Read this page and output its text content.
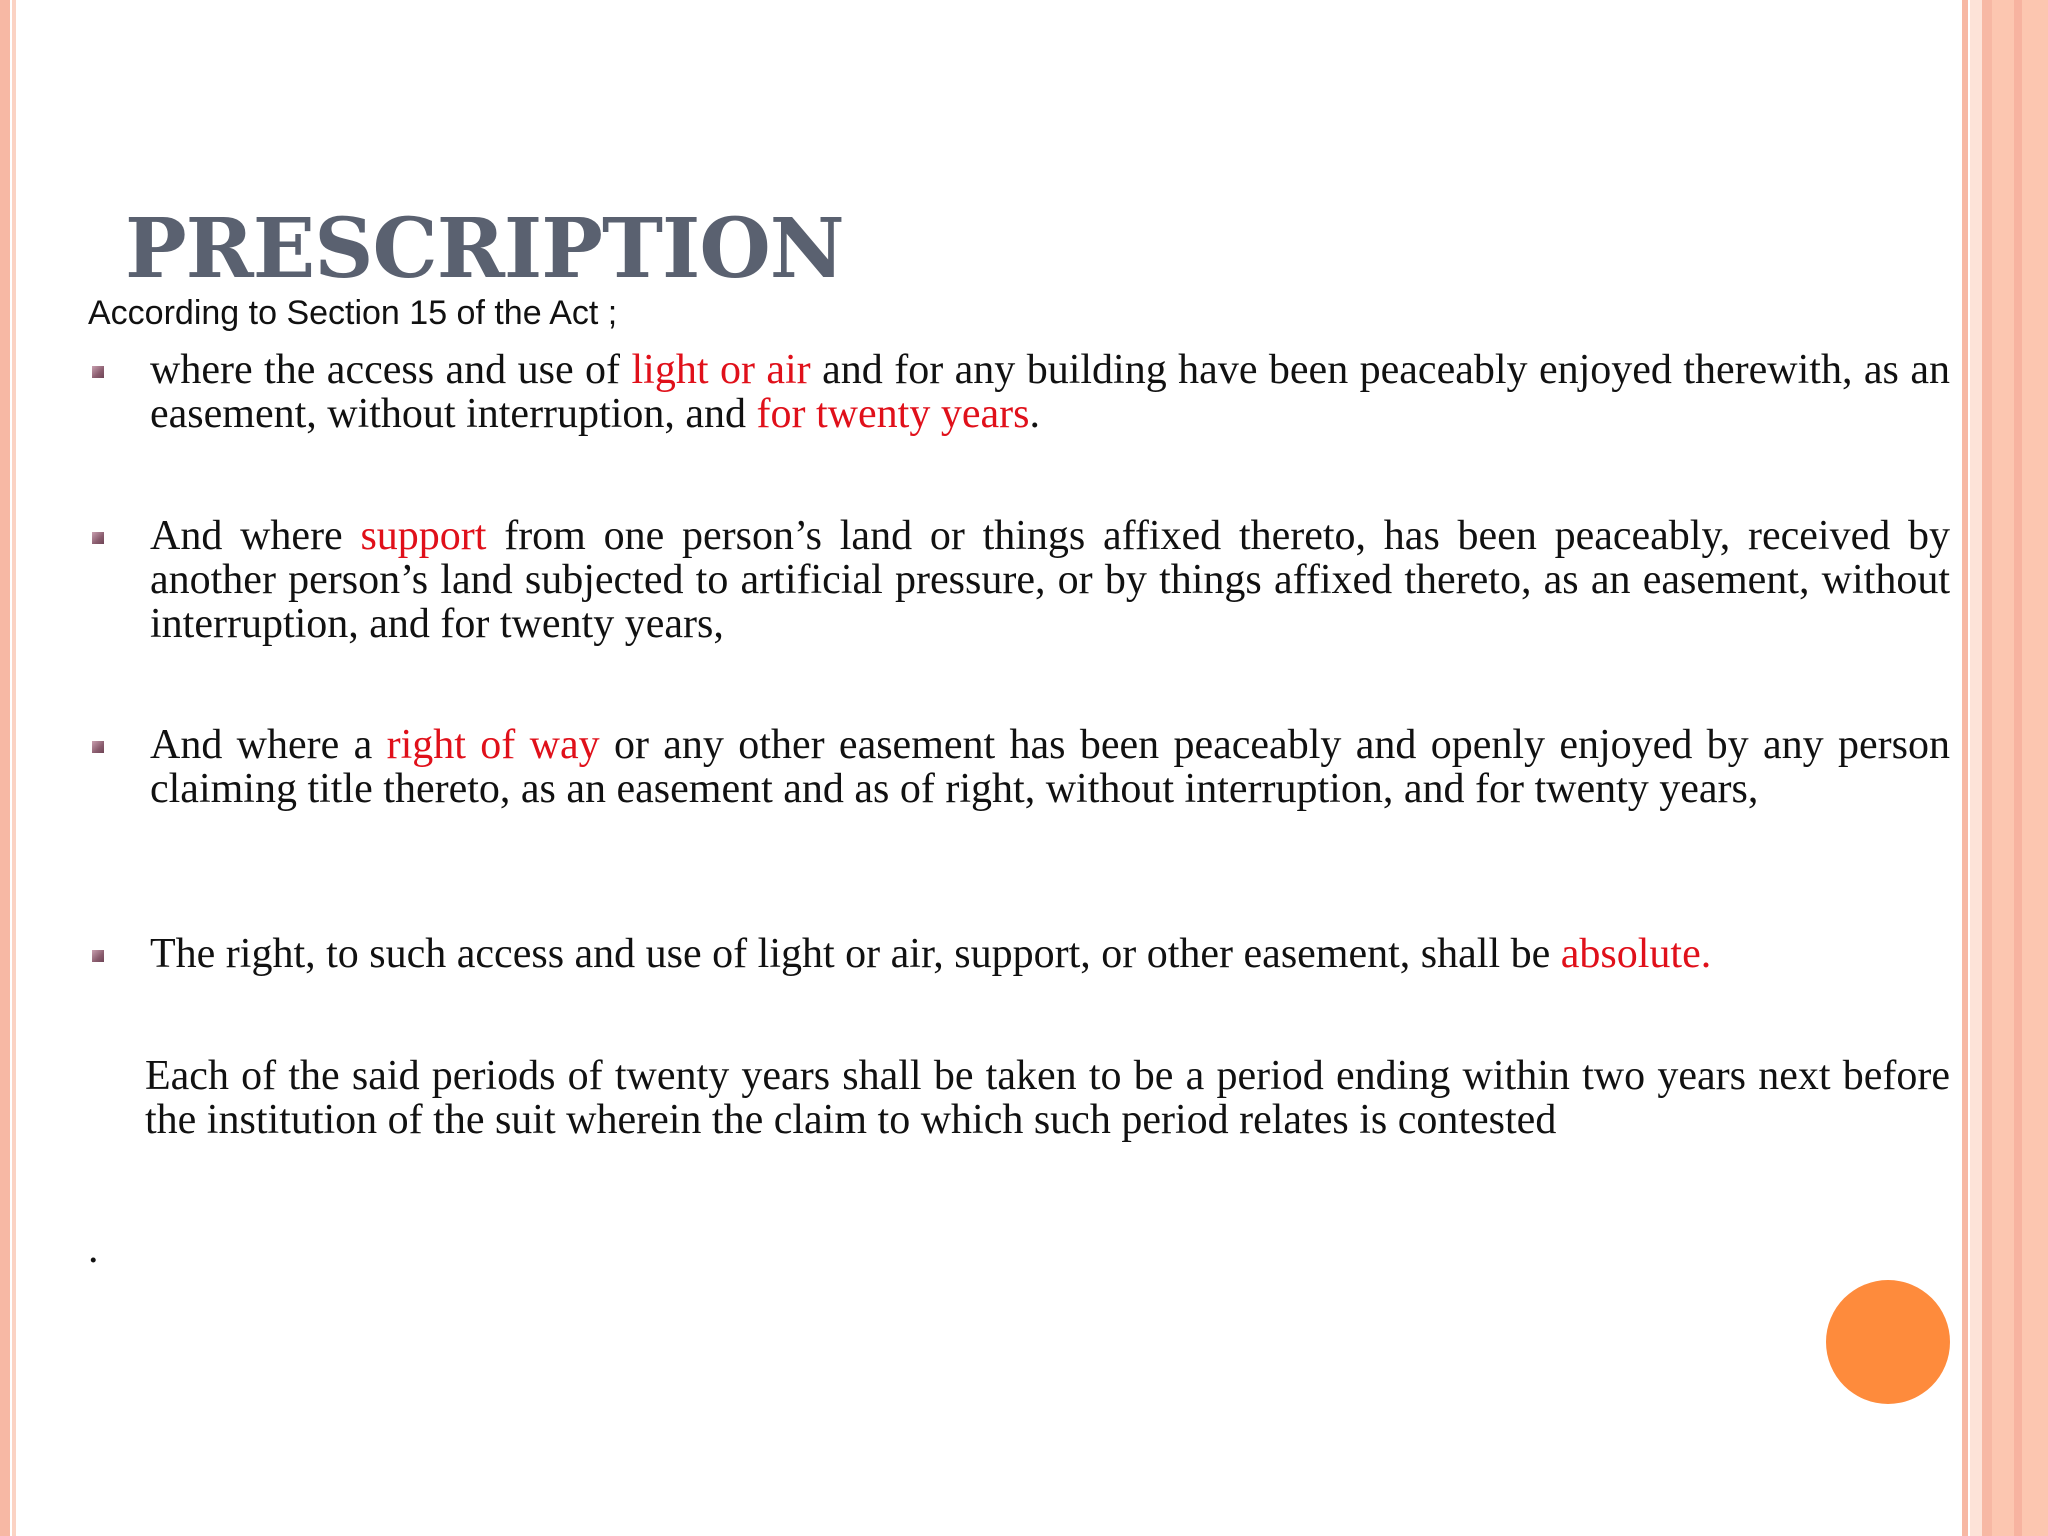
PRESCRIPTION
According to Section 15 of the Act ;
where the access and use of light or air and for any building have been peaceably enjoyed therewith, as an easement, without interruption, and for twenty years.
And where support from one person’s land or things affixed thereto, has been peaceably, received by another person’s land subjected to artificial pressure, or by things affixed thereto, as an easement, without interruption, and for twenty years,
And where a right of way or any other easement has been peaceably and openly enjoyed by any person claiming title thereto, as an easement and as of right, without interruption, and for twenty years,
The right, to such access and use of light or air, support, or other easement, shall be absolute.
Each of the said periods of twenty years shall be taken to be a period ending within two years next before the institution of the suit wherein the claim to which such period relates is contested
.
